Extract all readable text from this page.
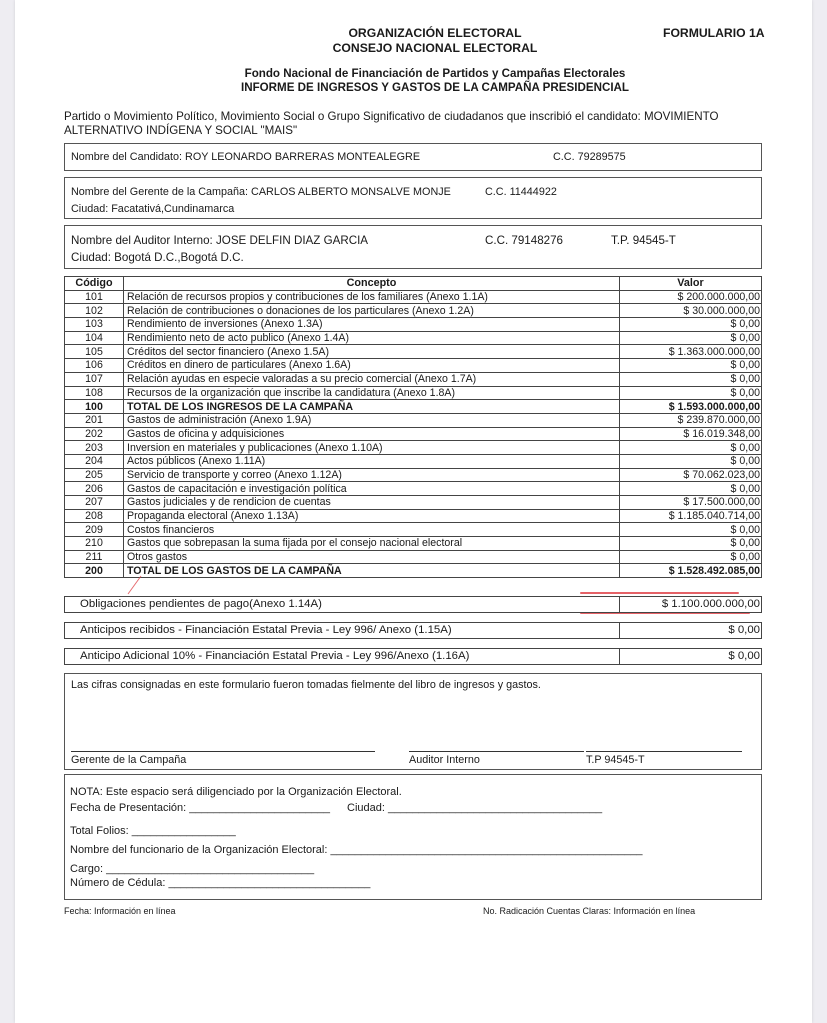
ORGANIZACIÓN ELECTORAL
CONSEJO NACIONAL ELECTORAL
FORMULARIO 1A
Fondo Nacional de Financiación de Partidos y Campañas Electorales
INFORME DE INGRESOS Y GASTOS DE LA CAMPAÑA PRESIDENCIAL
Partido o Movimiento Político, Movimiento Social o Grupo Significativo de ciudadanos que inscribió el candidato: MOVIMIENTO
ALTERNATIVO INDÍGENA Y SOCIAL "MAIS"
Nombre del Candidato: ROY LEONARDO BARRERAS MONTEALEGRE	C.C. 79289575
Nombre del Gerente de la Campaña: CARLOS ALBERTO MONSALVE MONJE	C.C. 11444922
Ciudad: Facatativá,Cundinamarca
Nombre del Auditor Interno: JOSE DELFIN DIAZ GARCIA	C.C. 79148276	T.P. 94545-T
Ciudad: Bogotá D.C.,Bogotá D.C.
Código	Concepto	Valor
101	Relación de recursos propios y contribuciones de los familiares (Anexo 1.1A)	$ 200.000.000,00
102	Relación de contribuciones o donaciones de los particulares (Anexo 1.2A)	$ 30.000.000,00
103	Rendimiento de inversiones (Anexo 1.3A)	$ 0,00
104	Rendimiento neto de acto publico (Anexo 1.4A)	$ 0,00
105	Créditos del sector financiero (Anexo 1.5A)	$ 1.363.000.000,00
106	Créditos en dinero de particulares (Anexo 1.6A)	$ 0,00
107	Relación ayudas en especie valoradas a su precio comercial (Anexo 1.7A)	$ 0,00
108	Recursos de la organización que inscribe la candidatura (Anexo 1.8A)	$ 0,00
100	TOTAL DE LOS INGRESOS DE LA CAMPAÑA	$ 1.593.000.000,00
201	Gastos de administración (Anexo 1.9A)	$ 239.870.000,00
202	Gastos de oficina y adquisiciones	$ 16.019.348,00
203	Inversion en materiales y publicaciones (Anexo 1.10A)	$ 0,00
204	Actos públicos (Anexo 1.11A)	$ 0,00
205	Servicio de transporte y correo (Anexo 1.12A)	$ 70.062.023,00
206	Gastos de capacitación e investigación política	$ 0,00
207	Gastos judiciales y de rendicion de cuentas	$ 17.500.000,00
208	Propaganda electoral (Anexo 1.13A)	$ 1.185.040.714,00
209	Costos financieros	$ 0,00
210	Gastos que sobrepasan la suma fijada por el consejo nacional electoral	$ 0,00
211	Otros gastos	$ 0,00
200	TOTAL DE LOS GASTOS DE LA CAMPAÑA	$ 1.528.492.085,00
Obligaciones pendientes de pago(Anexo 1.14A)	$ 1.100.000.000,00
Anticipos recibidos - Financiación Estatal Previa - Ley 996/ Anexo (1.15A)	$ 0,00
Anticipo Adicional 10% - Financiación Estatal Previa - Ley 996/Anexo (1.16A)	$ 0,00
Las cifras consignadas en este formulario fueron tomadas fielmente del libro de ingresos y gastos.
Gerente de la Campaña	Auditor Interno	T.P 94545-T
NOTA: Este espacio será diligenciado por la Organización Electoral.
Fecha de Presentación: _______________________ Ciudad: ___________________________________
Total Folios: _________________
Nombre del funcionario de la Organización Electoral: ___________________________________________________
Cargo: __________________________________
Número de Cédula: _________________________________
Fecha: Información en línea	No. Radicación Cuentas Claras: Información en línea
